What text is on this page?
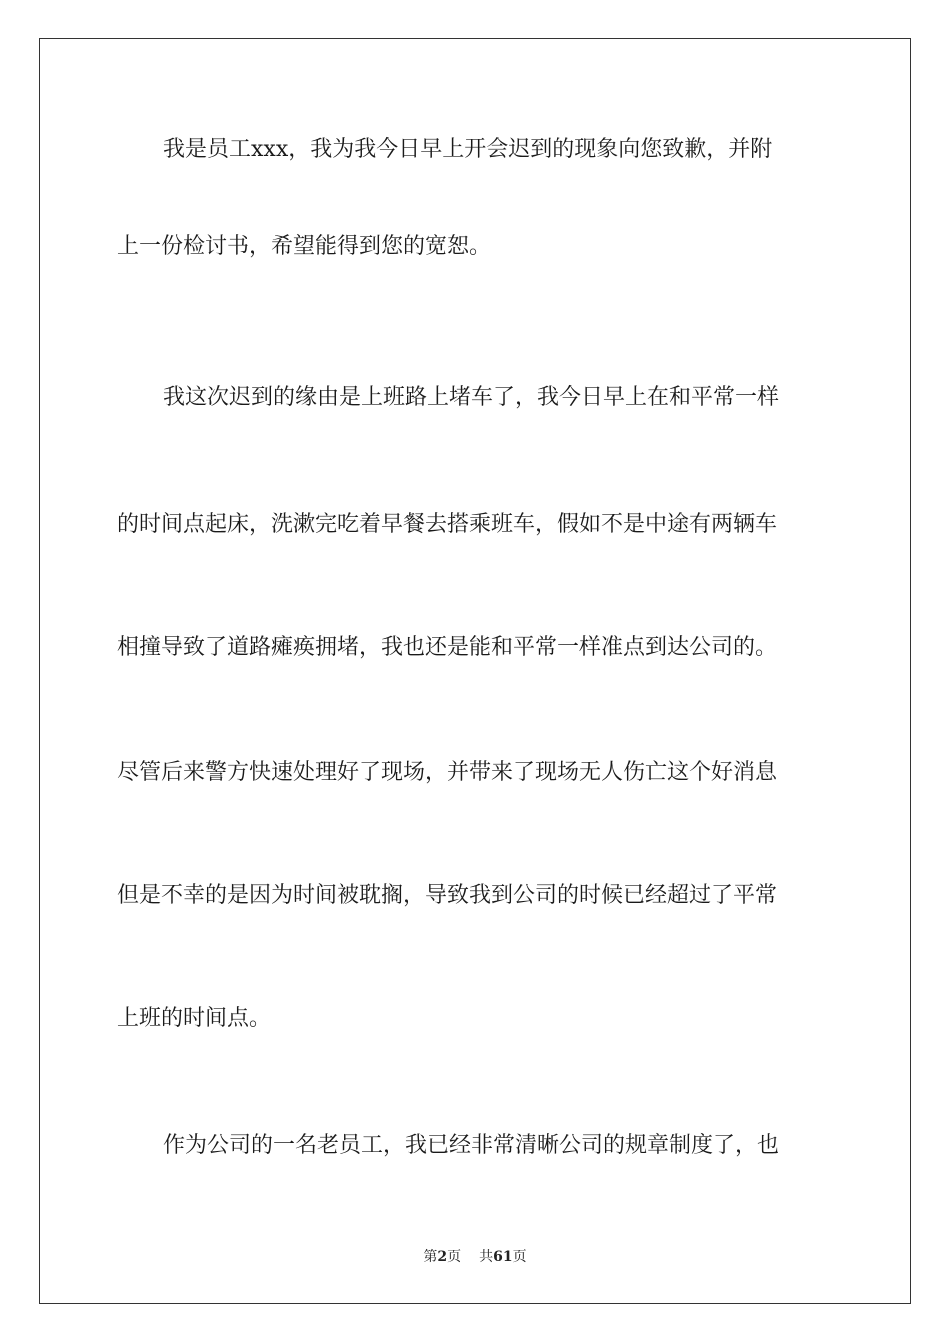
我是员工xxx，我为我今日早上开会迟到的现象向您致歉，并附
上一份检讨书，希望能得到您的宽恕。
我这次迟到的缘由是上班路上堵车了，我今日早上在和平常一样
的时间点起床，洗漱完吃着早餐去搭乘班车，假如不是中途有两辆车
相撞导致了道路瘫痪拥堵，我也还是能和平常一样准点到达公司的。
尽管后来警方快速处理好了现场，并带来了现场无人伤亡这个好消息
但是不幸的是因为时间被耽搁，导致我到公司的时候已经超过了平常
上班的时间点。
作为公司的一名老员工，我已经非常清晰公司的规章制度了，也
第2页 共61页
